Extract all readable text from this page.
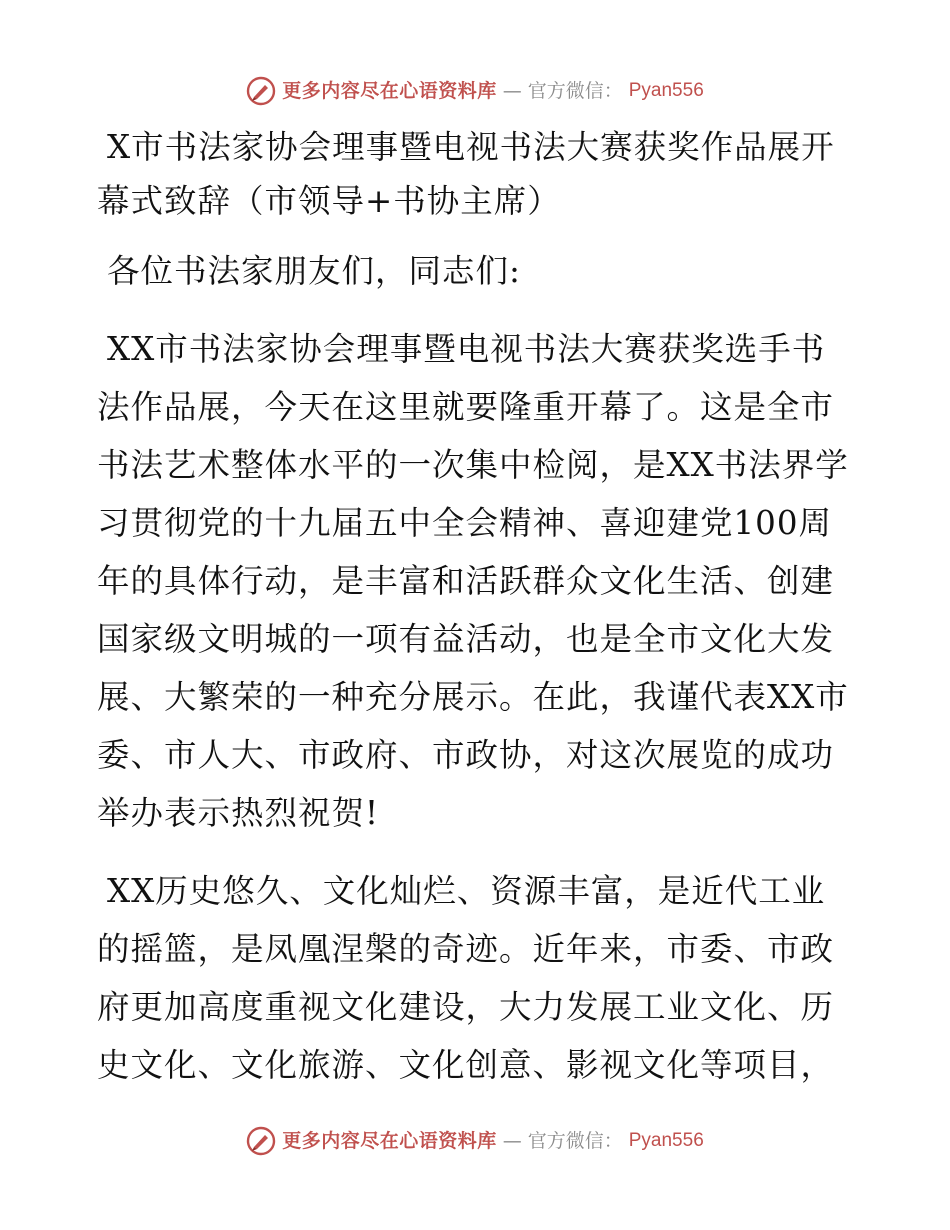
更多内容尽在心语资料库 — 官方微信： Pyan556
X市书法家协会理事暨电视书法大赛获奖作品展开幕式致辞（市领导+书协主席）

各位书法家朋友们，同志们:

XX市书法家协会理事暨电视书法大赛获奖选手书法作品展，今天在这里就要隆重开幕了。这是全市书法艺术整体水平的一次集中检阅，是XX书法界学习贯彻党的十九届五中全会精神、喜迎建党100周年的具体行动，是丰富和活跃群众文化生活、创建国家级文明城的一项有益活动，也是全市文化大发展、大繁荣的一种充分展示。在此，我谨代表XX市委、市人大、市政府、市政协，对这次展览的成功举办表示热烈祝贺!

XX历史悠久、文化灿烂、资源丰富，是近代工业的摇篮，是凤凰涅槃的奇迹。近年来，市委、市政府更加高度重视文化建设，大力发展工业文化、历史文化、文化旅游、文化创意、影视文化等项目，

更多内容尽在心语资料库 — 官方微信： Pyan556
